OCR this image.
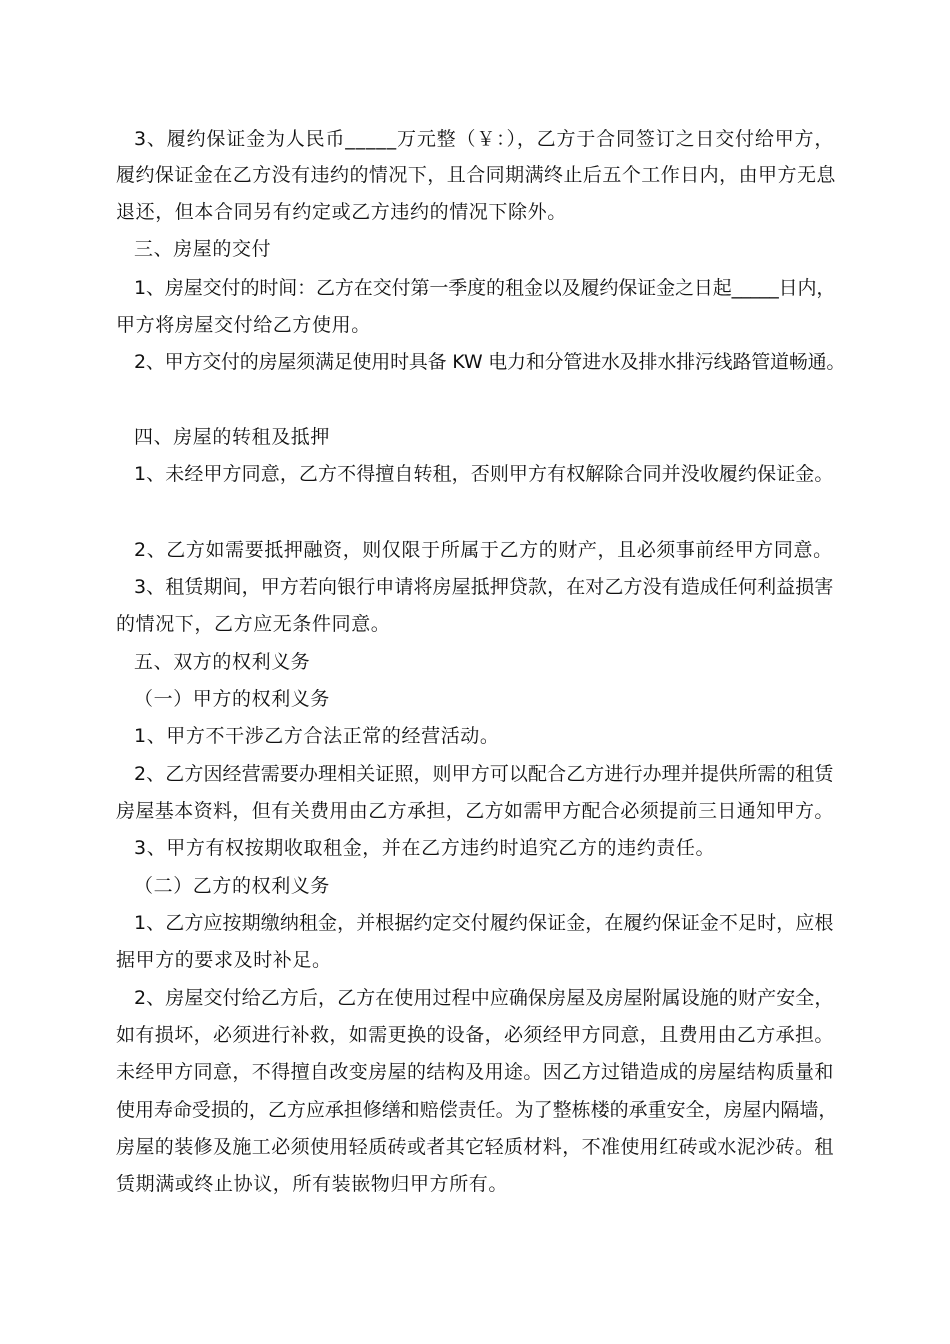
3、履约保证金为人民币_____万元整（￥：），乙方于合同签订之日交付给甲方，
履约保证金在乙方没有违约的情况下，且合同期满终止后五个工作日内，由甲方无息
退还，但本合同另有约定或乙方违约的情况下除外。
三、房屋的交付
1、房屋交付的时间：乙方在交付第一季度的租金以及履约保证金之日起_____日内，
甲方将房屋交付给乙方使用。
2、甲方交付的房屋须满足使用时具备 KW 电力和分管进水及排水排污线路管道畅通。
四、房屋的转租及抵押
1、未经甲方同意，乙方不得擅自转租，否则甲方有权解除合同并没收履约保证金。
2、乙方如需要抵押融资，则仅限于所属于乙方的财产，且必须事前经甲方同意。
3、租赁期间，甲方若向银行申请将房屋抵押贷款，在对乙方没有造成任何利益损害
的情况下，乙方应无条件同意。
五、双方的权利义务
（一）甲方的权利义务
1、甲方不干涉乙方合法正常的经营活动。
2、乙方因经营需要办理相关证照，则甲方可以配合乙方进行办理并提供所需的租赁
房屋基本资料，但有关费用由乙方承担，乙方如需甲方配合必须提前三日通知甲方。
3、甲方有权按期收取租金，并在乙方违约时追究乙方的违约责任。
（二）乙方的权利义务
1、乙方应按期缴纳租金，并根据约定交付履约保证金，在履约保证金不足时，应根
据甲方的要求及时补足。
2、房屋交付给乙方后，乙方在使用过程中应确保房屋及房屋附属设施的财产安全，
如有损坏，必须进行补救，如需更换的设备，必须经甲方同意，且费用由乙方承担。
未经甲方同意，不得擅自改变房屋的结构及用途。因乙方过错造成的房屋结构质量和
使用寿命受损的，乙方应承担修缮和赔偿责任。为了整栋楼的承重安全，房屋内隔墙，
房屋的装修及施工必须使用轻质砖或者其它轻质材料，不准使用红砖或水泥沙砖。租
赁期满或终止协议，所有装嵌物归甲方所有。
